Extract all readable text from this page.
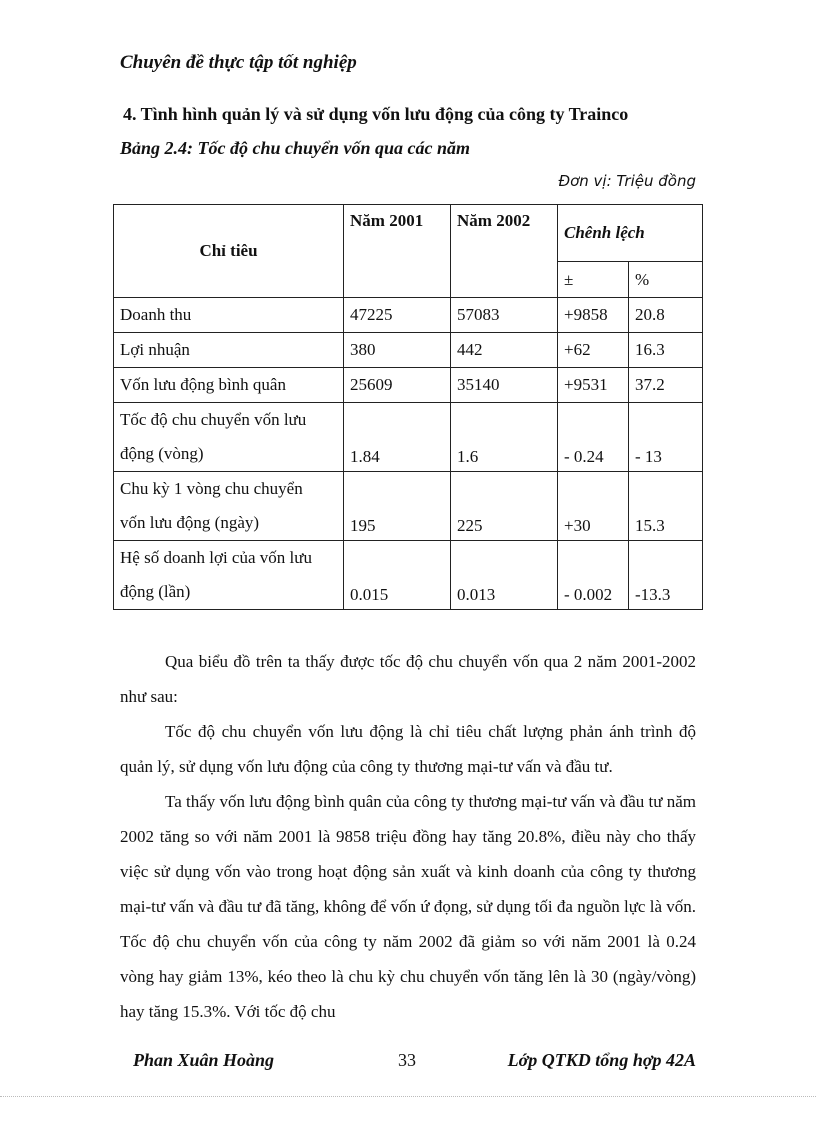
Chuyên đề thực tập tốt nghiệp
4. Tình hình quản lý và sử dụng vốn lưu động của công ty Trainco
Bảng 2.4: Tốc độ chu chuyển vốn qua các năm
Đơn vị: Triệu đồng
Chỉ tiêu	Năm 2001	Năm 2002	Chênh lệch	
			±	%
Doanh thu	47225	57083	+9858	20.8
Lợi nhuận	380	442	+62	16.3
Vốn lưu động bình quân	25609	35140	+9531	37.2
Tốc độ chu chuyển vốn lưu
động (vòng)	1.84	1.6	- 0.24	- 13
Chu kỳ 1 vòng chu chuyển
vốn lưu động (ngày)	195	225	+30	15.3
Hệ số doanh lợi của vốn lưu
động (lần)	0.015	0.013	- 0.002	-13.3

Qua biểu đồ trên ta thấy được tốc độ chu chuyển vốn qua 2 năm 2001-2002 như sau:

Tốc độ chu chuyển vốn lưu động là chỉ tiêu chất lượng phản ánh trình độ quản lý, sử dụng vốn lưu động của công ty thương mại-tư vấn và đầu tư.

Ta thấy vốn lưu động bình quân của công ty thương mại-tư vấn và đầu tư năm 2002 tăng so với năm 2001 là 9858 triệu đồng hay tăng 20.8%, điều này cho thấy việc sử dụng vốn vào trong hoạt động sản xuất và kinh doanh của công ty thương mại-tư vấn và đầu tư đã tăng, không để vốn ứ đọng, sử dụng tối đa nguồn lực là vốn. Tốc độ chu chuyển vốn của công ty năm 2002 đã giảm so với năm 2001 là 0.24 vòng hay giảm 13%, kéo theo là chu kỳ chu chuyển vốn tăng lên là 30 (ngày/vòng) hay tăng 15.3%. Với tốc độ chu

Phan Xuân Hoàng	33	Lớp QTKD tổng hợp 42A
